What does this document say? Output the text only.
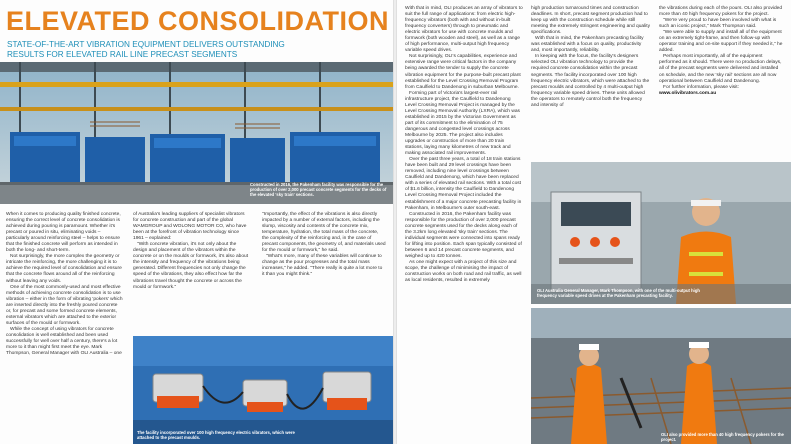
ELEVATED CONSOLIDATION
STATE-OF-THE-ART VIBRATION EQUIPMENT DELIVERS OUTSTANDING RESULTS FOR ELEVATED RAIL LINE PRECAST SEGMENTS
Constructed in 2016, the Pakenham facility was responsible for the production of over 2,000 precast concrete segments for the decks of the elevated 'sky train' sections.

When it comes to producing quality finished concrete, ensuring the correct level of concrete consolidation is achieved during pouring is paramount. Whether it's precast or poured in situ, eliminating voids – particularly around reinforcing steel – helps to ensure that the finished concrete will perform as intended in both the long- and short-term.

Not surprisingly, the more complex the geometry or intricate the reinforcing, the more challenging it is to achieve the required level of consolidation and ensure that the concrete flows around all of the reinforcing without leaving any voids.

One of the most commonly-used and most effective methods of achieving concrete consolidation is to use vibration – either in the form of vibrating 'pokers' which are inserted directly into the freshly poured concrete or, for precast and some formed concrete elements, external vibrators which are attached to the exterior surfaces of the mould or formwork.

While the concept of using vibrators for concrete consolidation is well established and been used successfully for well over half a century, there's a lot more to it than might first meet the eye. Mark Thompson, General Manager with OLI Australia – one

of Australia's leading suppliers of specialist vibrators for concrete construction and part of the global WAMGROUP and WOLONG MOTOR CO, who have been at the forefront of vibration technology since 1961 – explained:

"With concrete vibration, it's not only about the design and placement of the vibrators within the concrete or on the moulds or formwork, it's also about the intensity and frequency of the vibrations being generated. Different frequencies not only change the speed of the vibrations, they also effect how far the vibrations travel thought the concrete or across the mould or formwork."

"Importantly, the effect of the vibrations is also directly impacted by a number of external factors, including the slump, viscosity and contents of the concrete mix, temperature, hydration, the total mass of the concrete, the complexity of the reinforcing and, in the case of precast components, the geometry of, and materials used for the mould or formwork," he said.

"What's more, many of these variables will continue to change as the pour progresses and the total mass increases," he added. "There really is quite a lot more to it than you might think."

The facility incorporated over 100 high frequency electric vibrators, which were attached to the precast moulds.

With that in mind, OLI produces an array of vibrators to suit the full range of applications: from electric high-frequency vibrators (both with and without in-built frequency converters) through to pneumatic and electric vibrators for use with concrete moulds and formwork (both wooden and steel), as well as a range of high performance, multi-output high frequency variable speed drives.

Not surprisingly, OLI's capabilities, experience and extensive range were critical factors in the company being awarded the tender to supply the concrete vibration equipment for the purpose-built precast plant established for the Level Crossing Removal Program from Caulfield to Dandenong in suburban Melbourne.

Forming part of Victoria's largest-ever rail infrastructure project, the Caulfield to Dandenong Level Crossing Removal Project is managed by the Level Crossing Removal Authority (LXRA), which was established in 2015 by the Victorian Government as part of its commitment to the elimination of 75 dangerous and congested level crossings across Melbourne by 2025. The project also includes upgrades or construction of more than 20 train stations, laying many kilometres of new track and making associated rail improvements.

Over the past three years, a total of 18 train stations have been built and 29 level crossings have been removed, including nine level crossings between Caulfield and Dandenong, which have been replaced with a series of elevated rail sections. With a total cost of $1.6 billion, intensity the Caulfield to Dandenong Level Crossing Removal Project included the establishment of a major concrete precasting facility in Pakenham, in Melbourne's outer south-east.

Constructed in 2016, the Pakenham facility was responsible for the production of over 2,000 precast concrete segments used for the decks along each of the 3.2km long elevated 'sky train' sections. The individual segments were connected into spans ready for lifting into position. Each span typically consisted of between 6 and 14 precast concrete segments, and weighed up to 420 tonnes.

As one might expect with a project of this size and scope, the challenge of minimising the impact of construction works on both road and rail traffic, as well as local residents, resulted in extremely

high production turnaround times and construction deadlines. In short, precast segment production had to keep up with the construction schedule while still meeting the extremely stringent engineering and quality specifications.

With that in mind, the Pakenham precasting facility was established with a focus on quality, productivity and, most importantly, reliability.

In keeping with the focus, the facility's designers selected OLI vibration technology to provide the required concrete consolidation within the precast segments. The facility incorporated over 100 high frequency electric vibrators, which were attached to the precast moulds and controlled by 4 multi-output high frequency variable speed drives. These units allowed the operators to remotely control both the frequency and intensity of

the vibrations during each of the pours. OLI also provided more than 40 high frequency pokers for the project.

"We're very proud to have been involved with what is such an iconic project," Mark Thompson said.

"We were able to supply and install all of the equipment on an extremely tight-frame, and then follow-up with operator training and on-site support if they needed it," he added.

Perhaps most importantly, all of the equipment performed as it should. There were no production delays, all of the precast segments were delivered and installed on schedule, and the new 'sky rail' sections are all now operational between Caulfield and Dandenong.

For further information, please visit:

www.olivibrators.com.au

OLI Australia General Manager, Mark Thompson, with one of the multi-output high frequency variable speed drives at the Pakenham precasting facility.
OLI also provided more than 40 high frequency pokers for the project.
